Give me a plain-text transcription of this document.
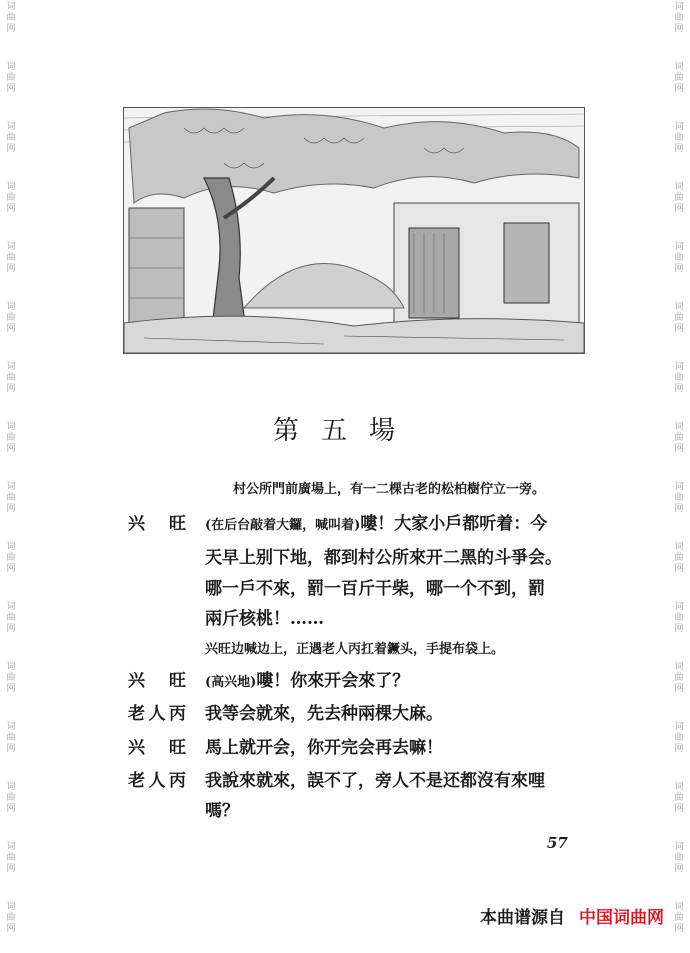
词
曲
网
词
曲
网
词
曲
网
词
曲
网
词
曲
网
词
曲
网
词
曲
网
词
曲
网
词
曲
网
词
曲
网
词
曲
网
词
曲
网
词
曲
网
词
曲
网
词
曲
网
词
曲
网
词
曲
网
词
曲
网
词
曲
网
词
曲
网
词
曲
网
词
曲
网
词
曲
网
词
曲
网
词
曲
网
词
曲
网
词
曲
网
词
曲
网
词
曲
网
词
曲
网
词
曲
网
词
曲
网
第五場
村公所門前廣場上，有一二棵古老的松柏樹佇立一旁。
兴　旺 (在后台敲着大鑼，喊叫着)嘍！大家小戶都听着：今
天早上别下地，都到村公所來开二黑的斗爭会。
哪一戶不來，罰一百斤干柴，哪一个不到，罰
兩斤核桃！……
兴旺边喊边上，正遇老人丙扛着鐝头，手提布袋上。
兴　旺 (高兴地)嘍！你來开会來了？
老人丙 我等会就來，先去种兩棵大麻。
兴　旺 馬上就开会，你开完会再去嘛！
老人丙 我說來就來，誤不了，旁人不是还都沒有來哩
嗎？
57
本曲谱源自 中国词曲网
